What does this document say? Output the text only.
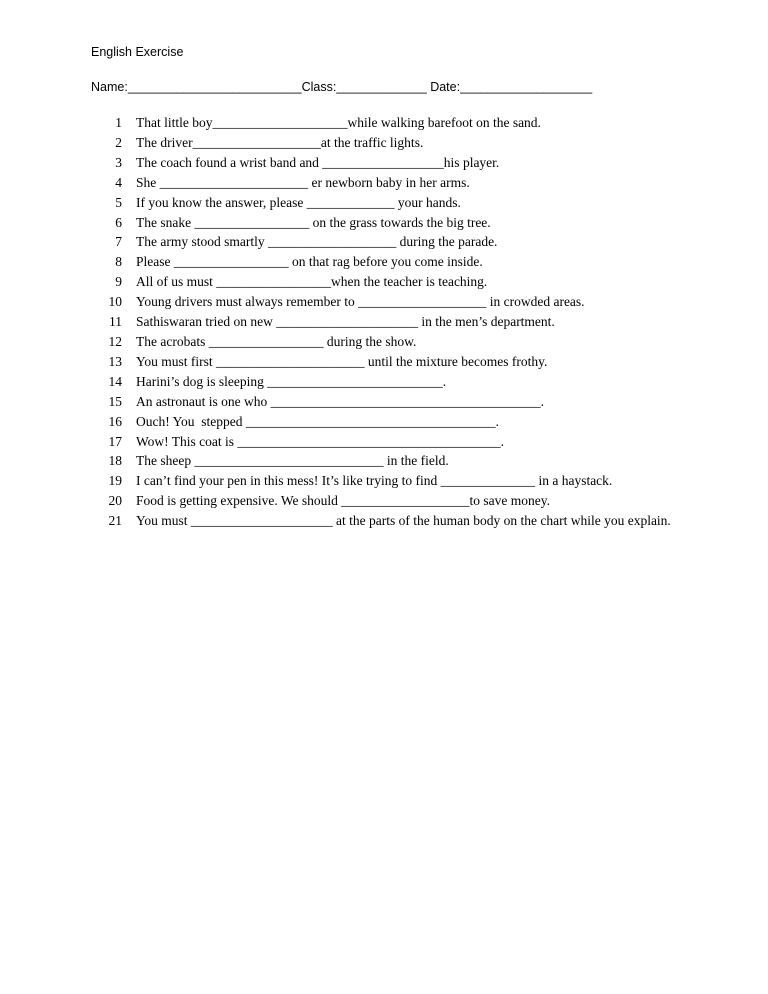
English Exercise
Name:_________________________Class:_____________ Date:___________________
1 That little boy____________________while walking barefoot on the sand.
2 The driver___________________at the traffic lights.
3 The coach found a wrist band and __________________his player.
4 She ______________________ er newborn baby in her arms.
5 If you know the answer, please _____________ your hands.
6 The snake _________________ on the grass towards the big tree.
7 The army stood smartly ___________________ during the parade.
8 Please _________________ on that rag before you come inside.
9 All of us must _________________when the teacher is teaching.
10 Young drivers must always remember to ___________________ in crowded areas.
11 Sathiswaran tried on new _____________________ in the men’s department.
12 The acrobats _________________ during the show.
13 You must first ______________________ until the mixture becomes frothy.
14 Harini’s dog is sleeping __________________________.
15 An astronaut is one who ________________________________________.
16 Ouch! You  stepped _____________________________________.
17 Wow! This coat is _______________________________________.
18 The sheep ____________________________ in the field.
19 I can’t find your pen in this mess! It’s like trying to find ______________ in a haystack.
20 Food is getting expensive. We should ___________________to save money.
21 You must _____________________ at the parts of the human body on the chart while you explain.
